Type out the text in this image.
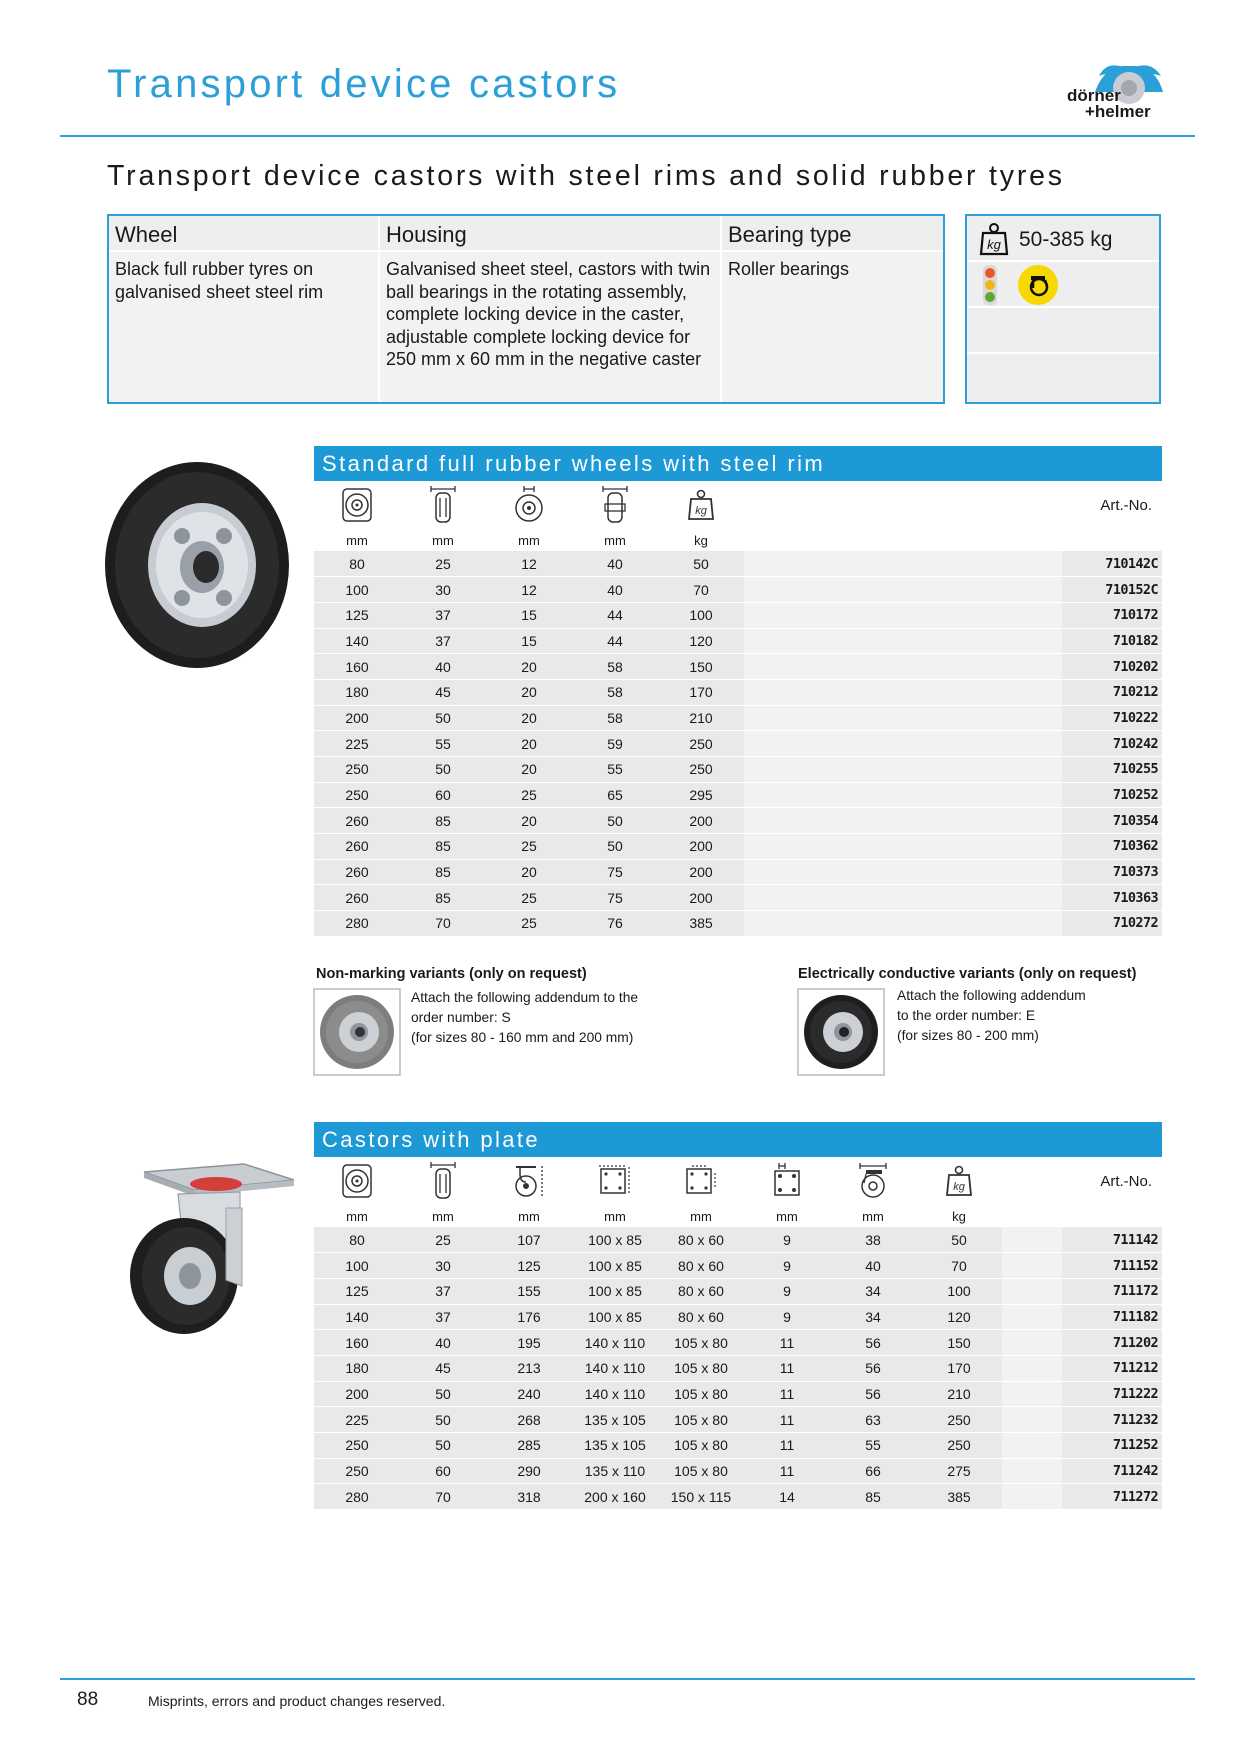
Transport device castors	dörner
+helmer
Transport device castors with steel rims and solid rubber tyres
Wheel
Black full rubber tyres on galvanised sheet steel rim
Housing
Galvanised sheet steel, castors with twin ball bearings in the rotating assembly, complete locking device in the caster, adjustable complete locking device for 250 mm x 60 mm in the negative caster
Bearing type
Roller bearings
kg 50-385 kg
Standard full rubber wheels with steel rim

kg		Art.-No.
mm	mm	mm	mm	kg		
80	25	12	40	50		710142C
100	30	12	40	70		710152C
125	37	15	44	100		710172
140	37	15	44	120		710182
160	40	20	58	150		710202
180	45	20	58	170		710212
200	50	20	58	210		710222
225	55	20	59	250		710242
250	50	20	55	250		710255
250	60	25	65	295		710252
260	85	20	50	200		710354
260	85	25	50	200		710362
260	85	20	75	200		710373
260	85	25	75	200		710363
280	70	25	76	385		710272
Non-marking variants (only on request)
Attach the following addendum to the
order number: S
(for sizes 80 - 160 mm and 200 mm)
Electrically conductive variants (only on request)
Attach the following addendum
to the order number: E
(for sizes 80 - 200 mm)
Castors with plate

kg		Art.-No.
mm	mm	mm	mm	mm	mm	mm	kg		
80	25	107	100 x 85	80 x 60	9	38	50		711142
100	30	125	100 x 85	80 x 60	9	40	70		711152
125	37	155	100 x 85	80 x 60	9	34	100		711172
140	37	176	100 x 85	80 x 60	9	34	120		711182
160	40	195	140 x 110	105 x 80	11	56	150		711202
180	45	213	140 x 110	105 x 80	11	56	170		711212
200	50	240	140 x 110	105 x 80	11	56	210		711222
225	50	268	135 x 105	105 x 80	11	63	250		711232
250	50	285	135 x 105	105 x 80	11	55	250		711252
250	60	290	135 x 110	105 x 80	11	66	275		711242
280	70	318	200 x 160	150 x 115	14	85	385		711272
88	Misprints, errors and product changes reserved.
